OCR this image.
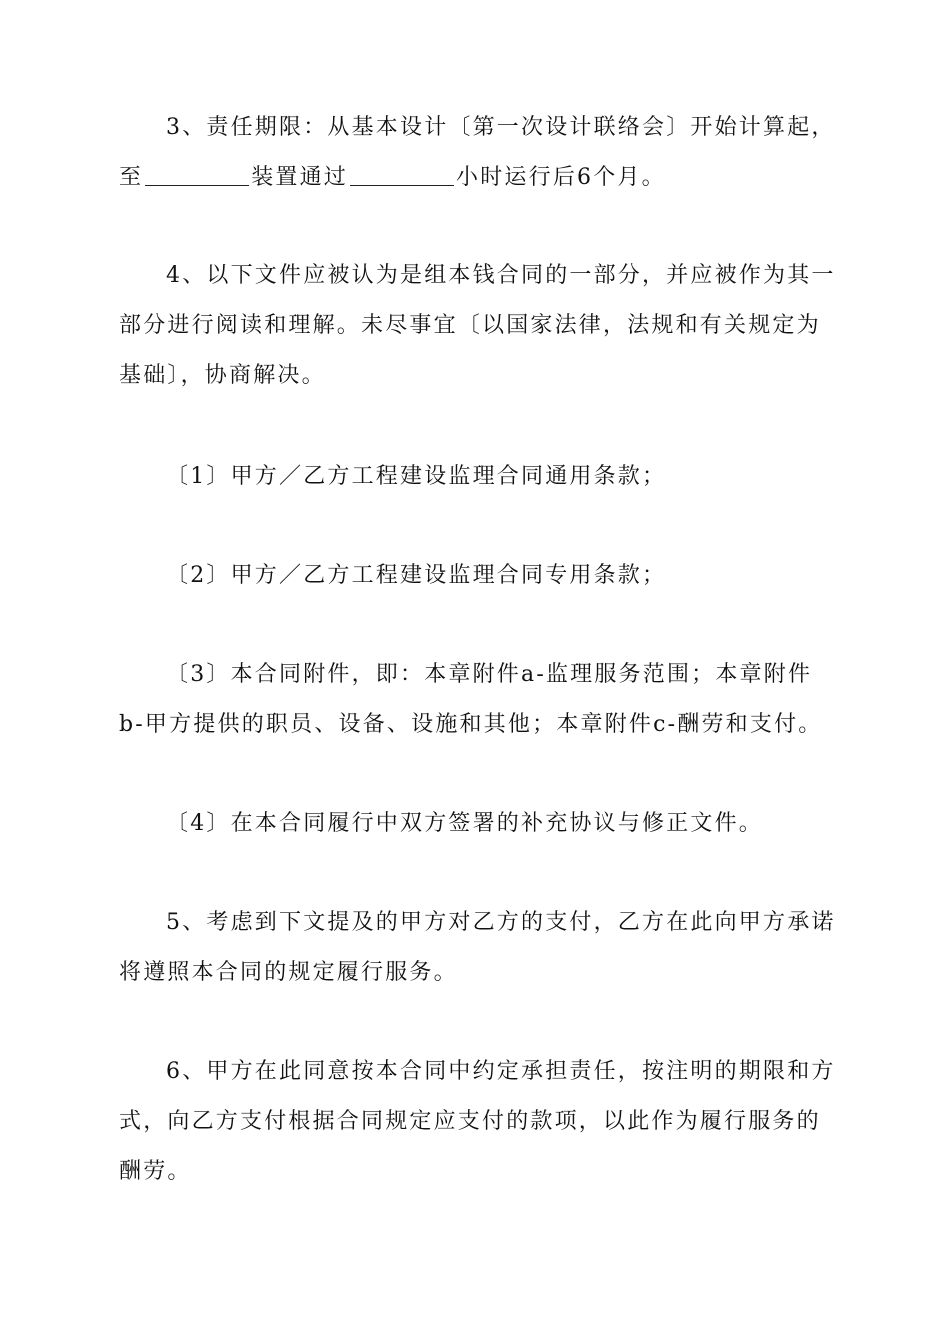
3、责任期限：从基本设计〔第一次设计联络会〕开始计算起，
至	装置通过	小时运行后6个月。
4、以下文件应被认为是组本钱合同的一部分，并应被作为其一
部分进行阅读和理解。未尽事宜〔以国家法律，法规和有关规定为
基础〕，协商解决。
〔1〕甲方／乙方工程建设监理合同通用条款；
〔2〕甲方／乙方工程建设监理合同专用条款；
〔3〕本合同附件，即：本章附件a-监理服务范围；本章附件
b-甲方提供的职员、设备、设施和其他；本章附件c-酬劳和支付。
〔4〕在本合同履行中双方签署的补充协议与修正文件。
5、考虑到下文提及的甲方对乙方的支付，乙方在此向甲方承诺
将遵照本合同的规定履行服务。
6、甲方在此同意按本合同中约定承担责任，按注明的期限和方
式，向乙方支付根据合同规定应支付的款项，以此作为履行服务的
酬劳。
